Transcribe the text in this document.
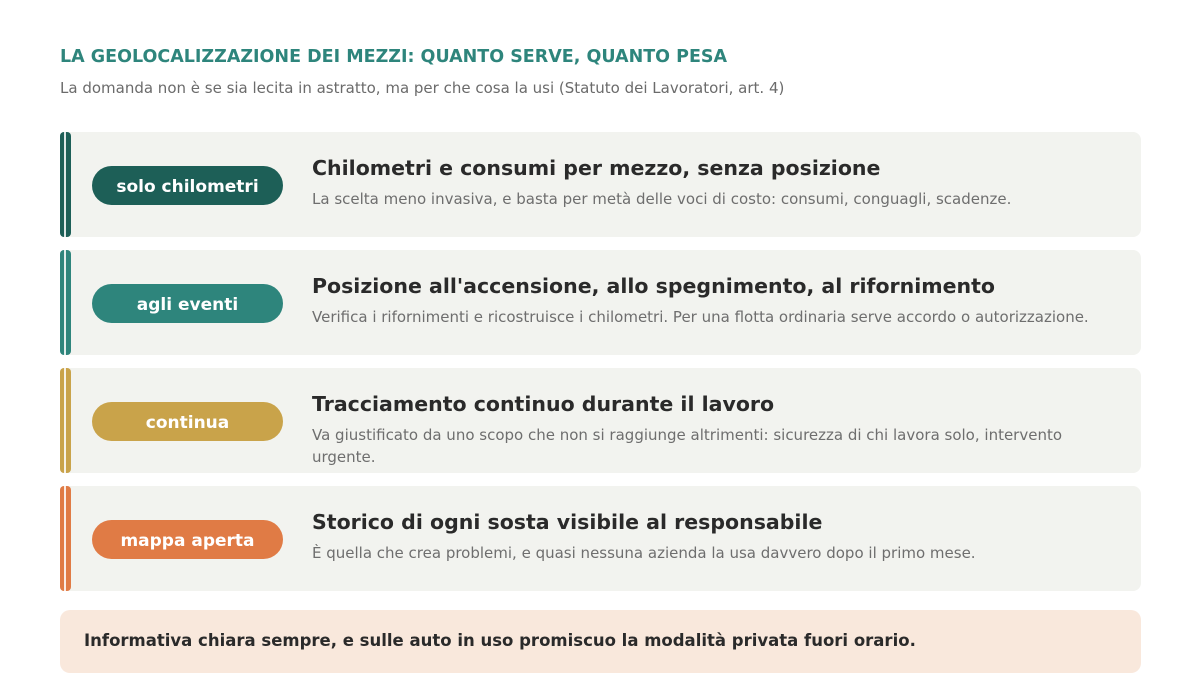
LA GEOLOCALIZZAZIONE DEI MEZZI: QUANTO SERVE, QUANTO PESA
La domanda non è se sia lecita in astratto, ma per che cosa la usi (Statuto dei Lavoratori, art. 4)
solo chilometri
Chilometri e consumi per mezzo, senza posizione
La scelta meno invasiva, e basta per metà delle voci di costo: consumi, conguagli, scadenze.
agli eventi
Posizione all'accensione, allo spegnimento, al rifornimento
Verifica i rifornimenti e ricostruisce i chilometri. Per una flotta ordinaria serve accordo o autorizzazione.
continua
Tracciamento continuo durante il lavoro
Va giustificato da uno scopo che non si raggiunge altrimenti: sicurezza di chi lavora solo, intervento urgente.
mappa aperta
Storico di ogni sosta visibile al responsabile
È quella che crea problemi, e quasi nessuna azienda la usa davvero dopo il primo mese.
Informativa chiara sempre, e sulle auto in uso promiscuo la modalità privata fuori orario.
